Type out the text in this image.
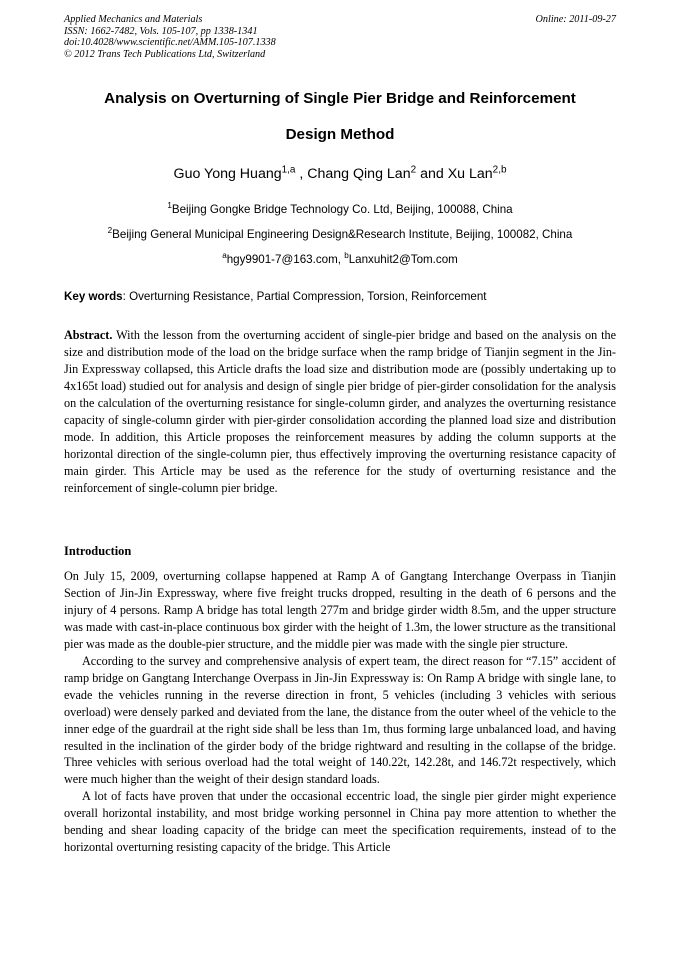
Applied Mechanics and Materials
ISSN: 1662-7482, Vols. 105-107, pp 1338-1341
doi:10.4028/www.scientific.net/AMM.105-107.1338
© 2012 Trans Tech Publications Ltd, Switzerland
Online: 2011-09-27
Analysis on Overturning of Single Pier Bridge and Reinforcement
Design Method
Guo Yong Huang$^{1,a}$ , Chang Qing Lan$^2$ and Xu Lan$^{2,b}$
$^1$Beijing Gongke Bridge Technology Co. Ltd, Beijing, 100088, China
$^2$Beijing General Municipal Engineering Design&Research Institute, Beijing, 100082, China
$^a$hgy9901-7@163.com, $^b$Lanxuhit2@Tom.com
Key words: Overturning Resistance, Partial Compression, Torsion, Reinforcement
Abstract. With the lesson from the overturning accident of single-pier bridge and based on the analysis on the size and distribution mode of the load on the bridge surface when the ramp bridge of Tianjin segment in the Jin-Jin Expressway collapsed, this Article drafts the load size and distribution mode are (possibly undertaking up to 4x165t load) studied out for analysis and design of single pier bridge of pier-girder consolidation for the analysis on the calculation of the overturning resistance for single-column girder, and analyzes the overturning resistance capacity of single-column girder with pier-girder consolidation according the planned load size and distribution mode. In addition, this Article proposes the reinforcement measures by adding the column supports at the horizontal direction of the single-column pier, thus effectively improving the overturning resistance capacity of main girder. This Article may be used as the reference for the study of overturning resistance and the reinforcement of single-column pier bridge.
Introduction

On July 15, 2009, overturning collapse happened at Ramp A of Gangtang Interchange Overpass in Tianjin Section of Jin-Jin Expressway, where five freight trucks dropped, resulting in the death of 6 persons and the injury of 4 persons. Ramp A bridge has total length 277m and bridge girder width 8.5m, and the upper structure was made with cast-in-place continuous box girder with the height of 1.3m, the lower structure as the transitional pier was made as the double-pier structure, and the middle pier was made with the single pier structure.

According to the survey and comprehensive analysis of expert team, the direct reason for “7.15” accident of ramp bridge on Gangtang Interchange Overpass in Jin-Jin Expressway is: On Ramp A bridge with single lane, to evade the vehicles running in the reverse direction in front, 5 vehicles (including 3 vehicles with serious overload) were densely parked and deviated from the lane, the distance from the outer wheel of the vehicle to the inner edge of the guardrail at the right side shall be less than 1m, thus forming large unbalanced load, and having resulted in the inclination of the girder body of the bridge rightward and resulting in the collapse of the bridge. Three vehicles with serious overload had the total weight of 140.22t, 142.28t, and 146.72t respectively, which were much higher than the weight of their design standard loads.

A lot of facts have proven that under the occasional eccentric load, the single pier girder might experience overall horizontal instability, and most bridge working personnel in China pay more attention to whether the bending and shear loading capacity of the bridge can meet the specification requirements, instead of to the horizontal overturning resisting capacity of the bridge. This Article
